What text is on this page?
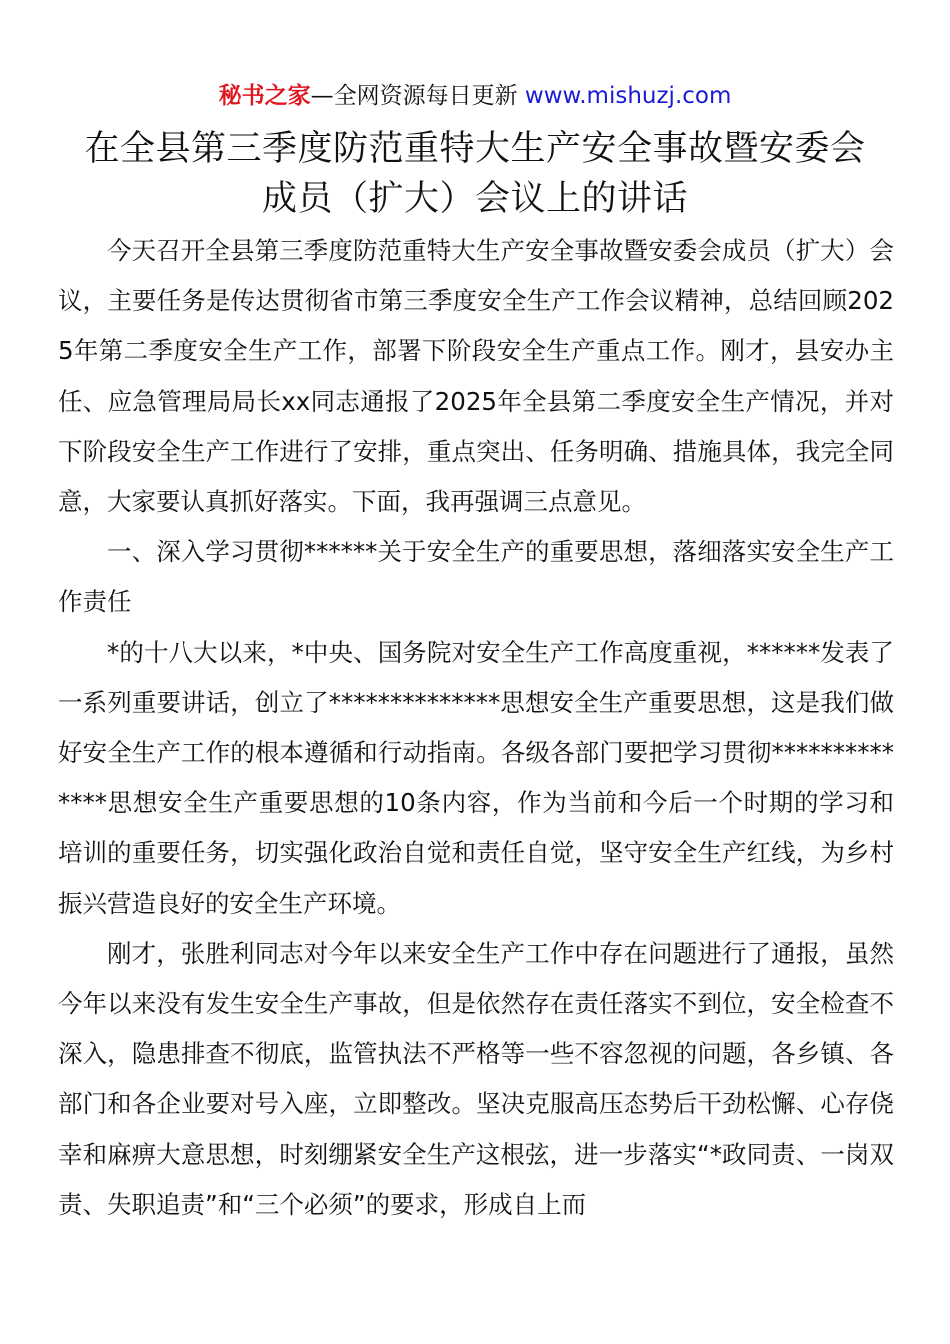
秘书之家—全网资源每日更新 www.mishuzj.com
在全县第三季度防范重特大生产安全事故暨安委会
成员（扩大）会议上的讲话

今天召开全县第三季度防范重特大生产安全事故暨安委会成员（扩大）会议，主要任务是传达贯彻省市第三季度安全生产工作会议精神，总结回顾2025年第二季度安全生产工作，部署下阶段安全生产重点工作。刚才，县安办主任、应急管理局局长xx同志通报了2025年全县第二季度安全生产情况，并对下阶段安全生产工作进行了安排，重点突出、任务明确、措施具体，我完全同意，大家要认真抓好落实。下面，我再强调三点意见。

一、深入学习贯彻******关于安全生产的重要思想，落细落实安全生产工作责任

*的十八大以来，*中央、国务院对安全生产工作高度重视，******发表了一系列重要讲话，创立了**************思想安全生产重要思想，这是我们做好安全生产工作的根本遵循和行动指南。各级各部门要把学习贯彻**************思想安全生产重要思想的10条内容，作为当前和今后一个时期的学习和培训的重要任务，切实强化政治自觉和责任自觉，坚守安全生产红线，为乡村振兴营造良好的安全生产环境。

刚才，张胜利同志对今年以来安全生产工作中存在问题进行了通报，虽然今年以来没有发生安全生产事故，但是依然存在责任落实不到位，安全检查不深入，隐患排查不彻底，监管执法不严格等一些不容忽视的问题，各乡镇、各部门和各企业要对号入座，立即整改。坚决克服高压态势后干劲松懈、心存侥幸和麻痹大意思想，时刻绷紧安全生产这根弦，进一步落实“*政同责、一岗双责、失职追责”和“三个必须”的要求，形成自上而
